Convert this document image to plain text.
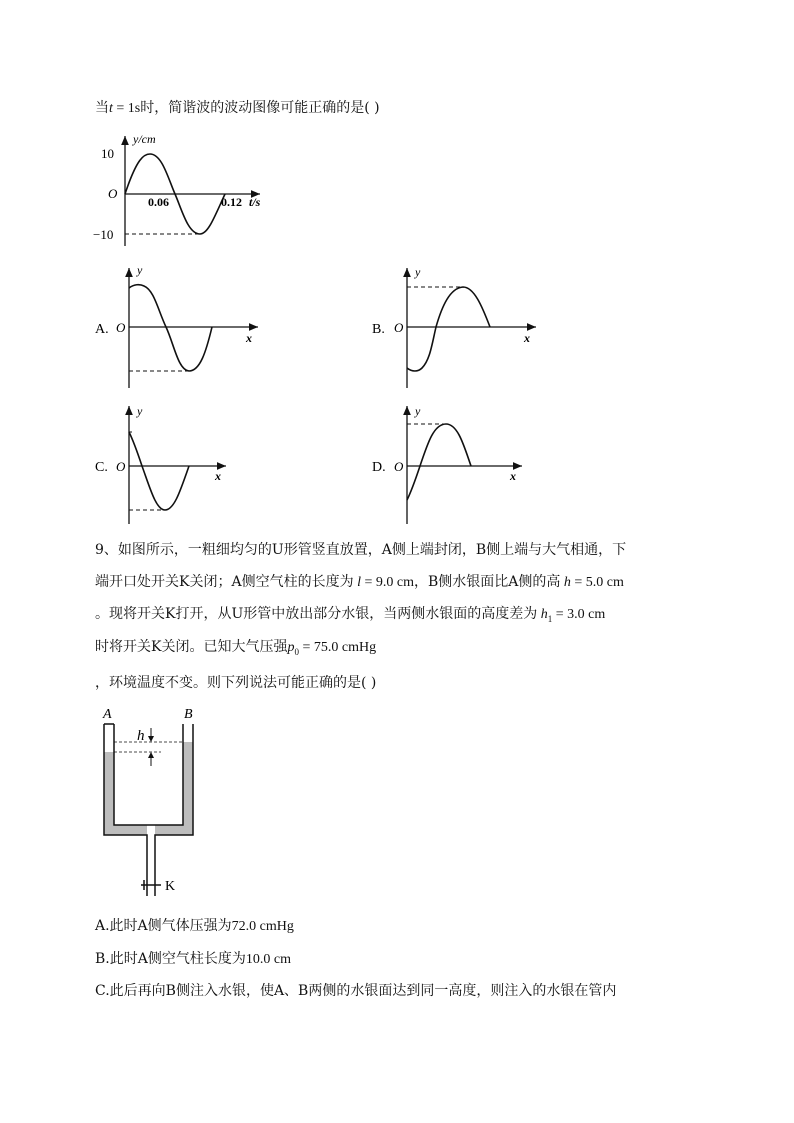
当t = 1s时，简谐波的波动图像可能正确的是( )
y/cm
10
O
−10
0.06	0.12 t/s
A.
y
O
x
B.
y
O
x
C.
y
O
x
D.
y
O
x
9、如图所示，一粗细均匀的U形管竖直放置，A侧上端封闭，B侧上端与大气相通，下
端开口处开关K关闭；A侧空气柱的长度为 l = 9.0 cm，B侧水银面比A侧的高 h = 5.0 cm
。现将开关K打开，从U形管中放出部分水银，当两侧水银面的高度差为 $h_1 = 3.0$ cm
时将开关K关闭。已知大气压强$p_0 = 75.0$ cmHg
，环境温度不变。则下列说法可能正确的是( )
A	B
h
K
A.此时A侧气体压强为72.0 cmHg
B.此时A侧空气柱长度为10.0 cm
C.此后再向B侧注入水银，使A、B两侧的水银面达到同一高度，则注入的水银在管内
